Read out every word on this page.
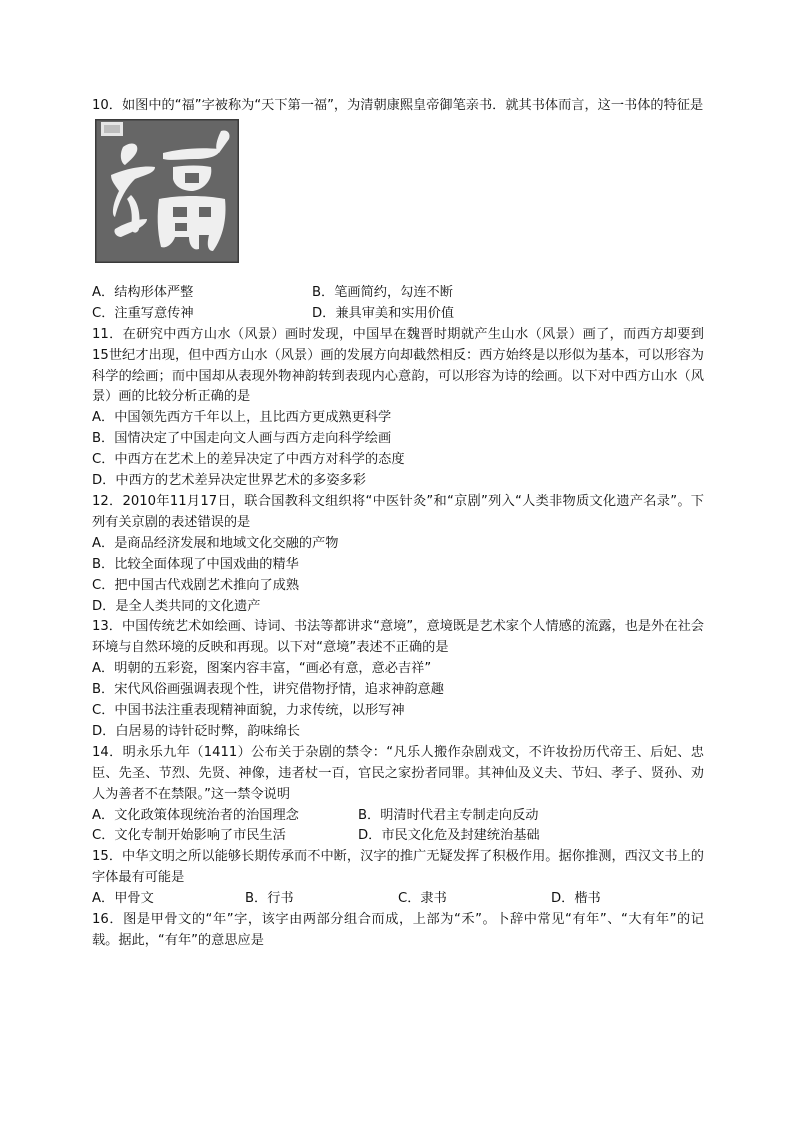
10．如图中的“福”字被称为“天下第一福”，为清朝康熙皇帝御笔亲书．就其书体而言，这一书体的特征是

A．结构形体严整	B．笔画简约，勾连不断
C．注重写意传神	D．兼具审美和实用价值

11．在研究中西方山水（风景）画时发现，中国早在魏晋时期就产生山水（风景）画了，而西方却要到15世纪才出现，但中西方山水（风景）画的发展方向却截然相反：西方始终是以形似为基本，可以形容为科学的绘画；而中国却从表现外物神韵转到表现内心意韵，可以形容为诗的绘画。以下对中西方山水（风景）画的比较分析正确的是

A．中国领先西方千年以上，且比西方更成熟更科学

B．国情决定了中国走向文人画与西方走向科学绘画

C．中西方在艺术上的差异决定了中西方对科学的态度

D．中西方的艺术差异决定世界艺术的多姿多彩

12．2010年11月17日，联合国教科文组织将“中医针灸”和“京剧”列入“人类非物质文化遗产名录”。下列有关京剧的表述错误的是

A．是商品经济发展和地域文化交融的产物

B．比较全面体现了中国戏曲的精华

C．把中国古代戏剧艺术推向了成熟

D．是全人类共同的文化遗产

13．中国传统艺术如绘画、诗词、书法等都讲求“意境”，意境既是艺术家个人情感的流露，也是外在社会环境与自然环境的反映和再现。以下对“意境”表述不正确的是

A．明朝的五彩瓷，图案内容丰富，“画必有意，意必吉祥”

B．宋代风俗画强调表现个性，讲究借物抒情，追求神韵意趣

C．中国书法注重表现精神面貌，力求传统，以形写神

D．白居易的诗针砭时弊，韵味绵长

14．明永乐九年（1411）公布关于杂剧的禁令：“凡乐人搬作杂剧戏文，不许妆扮历代帝王、后妃、忠臣、先圣、节烈、先贤、神像，违者杖一百，官民之家扮者同罪。其神仙及义夫、节妇、孝子、贤孙、劝人为善者不在禁限。”这一禁令说明

A．文化政策体现统治者的治国理念	B．明清时代君主专制走向反动
C．文化专制开始影响了市民生活	D．市民文化危及封建统治基础

15．中华文明之所以能够长期传承而不中断，汉字的推广无疑发挥了积极作用。据你推测，西汉文书上的字体最有可能是

A．甲骨文	B．行书	C．隶书	D．楷书

16．图是甲骨文的“年”字，该字由两部分组合而成，上部为“禾”。卜辞中常见“有年”、“大有年”的记载。据此，“有年”的意思应是
